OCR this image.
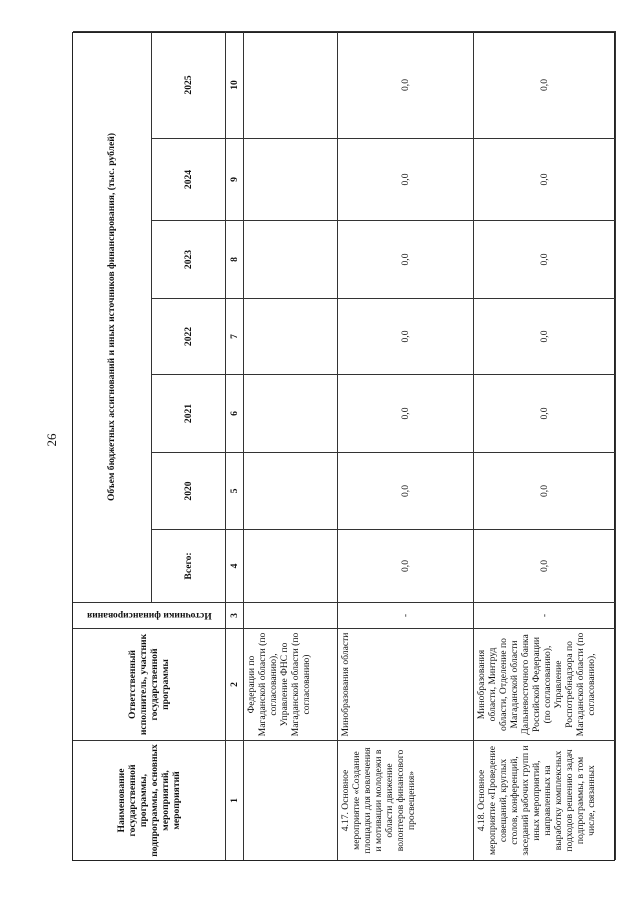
26
Наименование государственной программы, подпрограммы, основных мероприятий, мероприятий
Ответственный исполнитель, участник государственной программы
Источники финансирования
Объем бюджетных ассигнований и иных источников финансирования, (тыс. рублей)
Всего:
2020
2021
2022
2023
2024
2025
1
2
3
4
5
6
7
8
9
10
Федерации по Магаданской области (по согласованию), Управление ФНС по Магаданской области (по согласованию)
4.17. Основное мероприятие «Создание площадки для вовлечения и мотивации молодежи в области движение волонтеров финансового просвещения»
Минобразования области
-
0,0
0,0
0,0
0,0
0,0
0,0
0,0
4.18. Основное мероприятие «Проведение совещаний, круглых столов, конференций, заседаний рабочих групп и иных мероприятий, направленных на выработку комплексных подходов решению задач подпрограммы, в том числе, связанных
Минобразования области, Минтруд области, Отделение по Магаданской области Дальневосточного банка Российской Федерации (по согласованию), Управление Роспотребнадзора по Магаданской области (по согласованию),
-
0,0
0,0
0,0
0,0
0,0
0,0
0,0
